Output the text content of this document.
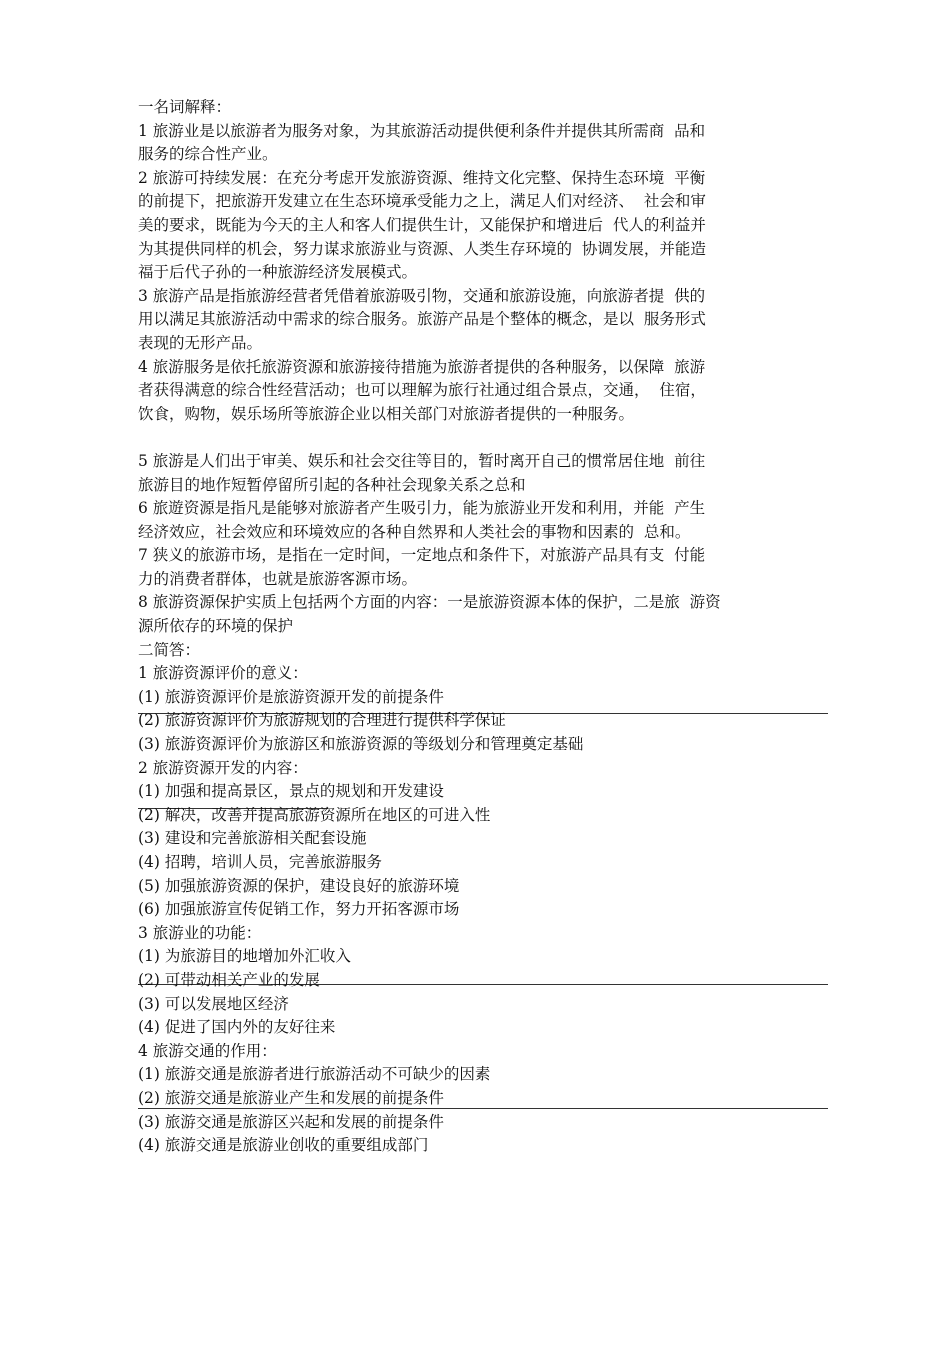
一名词解释：
1 旅游业是以旅游者为服务对象，为其旅游活动提供便利条件并提供其所需商  品和
服务的综合性产业。
2 旅游可持续发展：在充分考虑开发旅游资源、维持文化完整、保持生态环境  平衡
的前提下，把旅游开发建立在生态环境承受能力之上，满足人们对经济、  社会和审
美的要求，既能为今天的主人和客人们提供生计，又能保护和增进后  代人的利益并
为其提供同样的机会，努力谋求旅游业与资源、人类生存环境的  协调发展，并能造
福于后代子孙的一种旅游经济发展模式。
3 旅游产品是指旅游经营者凭借着旅游吸引物，交通和旅游设施，向旅游者提  供的
用以满足其旅游活动中需求的综合服务。旅游产品是个整体的概念，是以  服务形式
表现的无形产品。
4 旅游服务是依托旅游资源和旅游接待措施为旅游者提供的各种服务，以保障  旅游
者获得满意的综合性经营活动；也可以理解为旅行社通过组合景点，交通，  住宿，
饮食，购物，娱乐场所等旅游企业以相关部门对旅游者提供的一种服务。
5 旅游是人们出于审美、娱乐和社会交往等目的，暂时离开自己的惯常居住地  前往
旅游目的地作短暂停留所引起的各种社会现象关系之总和
6 旅遊资源是指凡是能够对旅游者产生吸引力，能为旅游业开发和利用，并能  产生
经济效应，社会效应和环境效应的各种自然界和人类社会的事物和因素的  总和。
7 狭义的旅游市场，是指在一定时间，一定地点和条件下，对旅游产品具有支  付能
力的消费者群体，也就是旅游客源市场。
8 旅游资源保护实质上包括两个方面的内容：一是旅游资源本体的保护，二是旅  游资
源所依存的环境的保护
二简答：
1 旅游资源评价的意义：
(1) 旅游资源评价是旅游资源开发的前提条件
(2) 旅游资源评价为旅游规划的合理进行提供科学保证
(3) 旅游资源评价为旅游区和旅游资源的等级划分和管理奠定基础
2 旅游资源开发的内容：
(1) 加强和提高景区，景点的规划和开发建设
(2) 解决，改善并提高旅游资源所在地区的可进入性
(3) 建设和完善旅游相关配套设施
(4) 招聘，培训人员，完善旅游服务
(5) 加强旅游资源的保护，建设良好的旅游环境
(6) 加强旅游宣传促销工作，努力开拓客源市场
3 旅游业的功能：
(1) 为旅游目的地增加外汇收入
(2) 可带动相关产业的发展
(3) 可以发展地区经济
(4) 促进了国内外的友好往来
4 旅游交通的作用：
(1) 旅游交通是旅游者进行旅游活动不可缺少的因素
(2) 旅游交通是旅游业产生和发展的前提条件
(3) 旅游交通是旅游区兴起和发展的前提条件
(4) 旅游交通是旅游业创收的重要组成部门
